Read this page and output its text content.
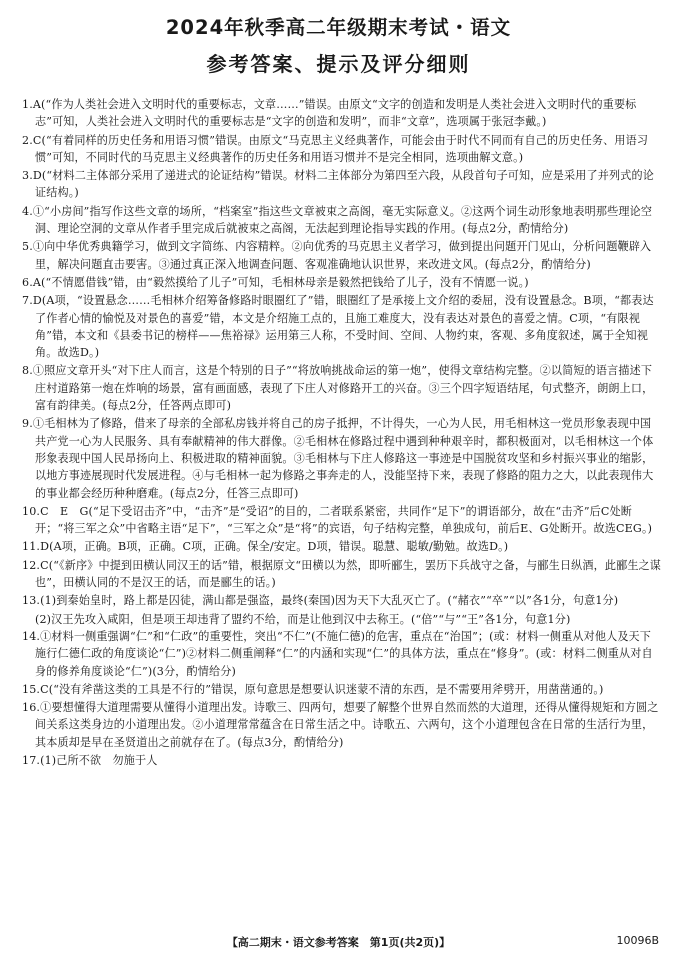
2024年秋季高二年级期末考试・语文
参考答案、提示及评分细则
1.A(“作为人类社会进入文明时代的重要标志，文章……”错误。由原文“文字的创造和发明是人类社会进入文明时代的重要标志”可知，人类社会进入文明时代的重要标志是“文字的创造和发明”，而非“文章”，选项属于张冠李戴。)
2.C(“有着同样的历史任务和用语习惯”错误。由原文“马克思主义经典著作，可能会由于时代不同而有自己的历史任务、用语习惯”可知，不同时代的马克思主义经典著作的历史任务和用语习惯并不是完全相同，选项曲解文意。)
3.D(“材料二主体部分采用了递进式的论证结构”错误。材料二主体部分为第四至六段，从段首句子可知，应是采用了并列式的论证结构。)
4.①“小房间”指写作这些文章的场所，“档案室”指这些文章被束之高阁，毫无实际意义。②这两个词生动形象地表明那些理论空洞、理论空洞的文章从作者手里完成后就被束之高阁，无法起到理论指导实践的作用。(每点2分，酌情给分)
5.①向中华优秀典籍学习，做到文字简练、内容精粹。②向优秀的马克思主义者学习，做到提出问题开门见山，分析问题鞭辟入里，解决问题直击要害。③通过真正深入地调查问题、客观准确地认识世界，来改进文风。(每点2分，酌情给分)
6.A(“不情愿借钱”错，由“毅然摸给了儿子”可知，毛相林母亲是毅然把钱给了儿子，没有不情愿一说。)
7.D(A项，“设置悬念……毛相林介绍筹备修路时眼圈红了”错，眼圈红了是承接上文介绍的委屈，没有设置悬念。B项，“都表达了作者心情的愉悦及对景色的喜爱”错，本文是介绍施工点的，且施工难度大，没有表达对景色的喜爱之情。C项，“有限视角”错，本文和《县委书记的榜样——焦裕禄》运用第三人称，不受时间、空间、人物约束，客观、多角度叙述，属于全知视角。故选D。)
8.①照应文章开头“对下庄人而言，这是个特别的日子”“将放响挑战命运的第一炮”，使得文章结构完整。②以简短的语言描述下庄村道路第一炮在炸响的场景，富有画面感，表现了下庄人对修路开工的兴奋。③三个四字短语结尾，句式整齐，朗朗上口，富有韵律美。(每点2分，任答两点即可)
9.①毛相林为了修路，借来了母亲的全部私房钱并将自己的房子抵押，不计得失，一心为人民，用毛相林这一党员形象表现中国共产党一心为人民服务、具有奉献精神的伟大群像。②毛相林在修路过程中遇到种种艰辛时，都积极面对，以毛相林这一个体形象表现中国人民昂扬向上、积极进取的精神面貌。③毛相林与下庄人修路这一事迹是中国脱贫攻坚和乡村振兴事业的缩影，以地方事迹展现时代发展进程。④与毛相林一起为修路之事奔走的人，没能坚持下来，表现了修路的阻力之大，以此表现伟大的事业都会经历种种磨难。(每点2分，任答三点即可)
10.C　E　G(“足下受诏击齐”中，“击齐”是“受诏”的目的，二者联系紧密，共同作“足下”的谓语部分，故在“击齐”后C处断开；“将三军之众”中省略主语“足下”，“三军之众”是“将”的宾语，句子结构完整，单独成句，前后E、G处断开。故选CEG。)
11.D(A项，正确。B项，正确。C项，正确。保全/安定。D项，错误。聪慧、聪敏/勤勉。故选D。)
12.C(“《新序》中提到田横认同汉王的话”错，根据原文“田横以为然，即听郦生，罢历下兵战守之备，与郦生日纵酒，此郦生之谋也”，田横认同的不是汉王的话，而是郦生的话。)
13.(1)到秦始皇时，路上都是囚徒，满山都是强盗，最终(秦国)因为天下大乱灭亡了。(“赭衣”“卒”“以”各1分，句意1分)
(2)汉王先攻入咸阳，但是项王却违背了盟约不给，而是让他到汉中去称王。(“倍”“与”“王”各1分，句意1分)
14.①材料一侧重强调“仁”和“仁政”的重要性，突出“不仁”(不施仁德)的危害，重点在“治国”；(或：材料一侧重从对他人及天下施行仁德仁政的角度谈论“仁”)②材料二侧重阐释“仁”的内涵和实现“仁”的具体方法，重点在“修身”。(或：材料二侧重从对自身的修养角度谈论“仁”)(3分，酌情给分)
15.C(“没有斧凿这类的工具是不行的”错误，原句意思是想要认识迷蒙不清的东西，是不需要用斧劈开，用凿凿通的。)
16.①要想懂得大道理需要从懂得小道理出发。诗歌三、四两句，想要了解整个世界自然而然的大道理，还得从懂得规矩和方圆之间关系这类身边的小道理出发。②小道理常常蕴含在日常生活之中。诗歌五、六两句，这个小道理包含在日常的生活行为里，其本质却是早在圣贤道出之前就存在了。(每点3分，酌情给分)
17.(1)己所不欲　勿施于人
【高二期末・语文参考答案　第1页(共2页)】	10096B
